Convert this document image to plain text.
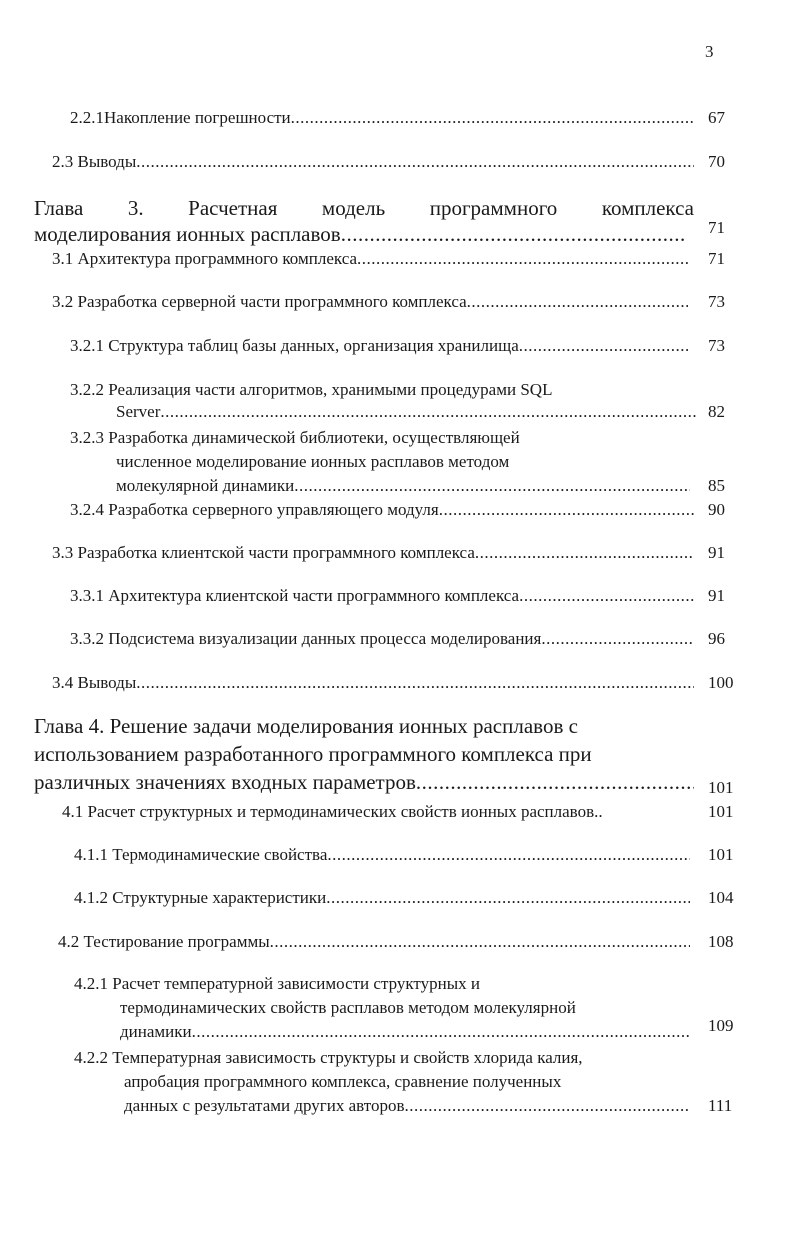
3
2.2.1Накопление погрешности .....	67
2.3 Выводы .....	70
Глава 3. Расчетная модель программного комплекса
моделирования ионных расплавов .....	71
3.1 Архитектура программного комплекса .....	71
3.2 Разработка серверной части программного комплекса .....	73
3.2.1 Структура таблиц базы данных, организация хранилища .....	73
3.2.2 Реализация части алгоритмов, хранимыми процедурами SQL
Server .....	82
3.2.3 Разработка динамической библиотеки, осуществляющей
численное моделирование ионных расплавов методом
молекулярной динамики .....	85
3.2.4 Разработка серверного управляющего модуля .....	90
3.3 Разработка клиентской части программного комплекса .....	91
3.3.1 Архитектура клиентской части программного комплекса .....	91
3.3.2 Подсистема визуализации данных процесса моделирования .....	96
3.4 Выводы .....	100
Глава 4. Решение задачи моделирования ионных расплавов с
использованием разработанного программного комплекса при
различных значениях входных параметров .....	101
4.1 Расчет структурных и термодинамических свойств ионных расплавов..	101
4.1.1 Термодинамические свойства .....	101
4.1.2 Структурные характеристики .....	104
4.2 Тестирование программы .....	108
4.2.1 Расчет температурной зависимости структурных и
термодинамических свойств расплавов методом молекулярной
динамики .....	109
4.2.2 Температурная зависимость структуры и свойств хлорида калия,
апробация программного комплекса, сравнение полученных
данных с результатами других авторов .....	111
